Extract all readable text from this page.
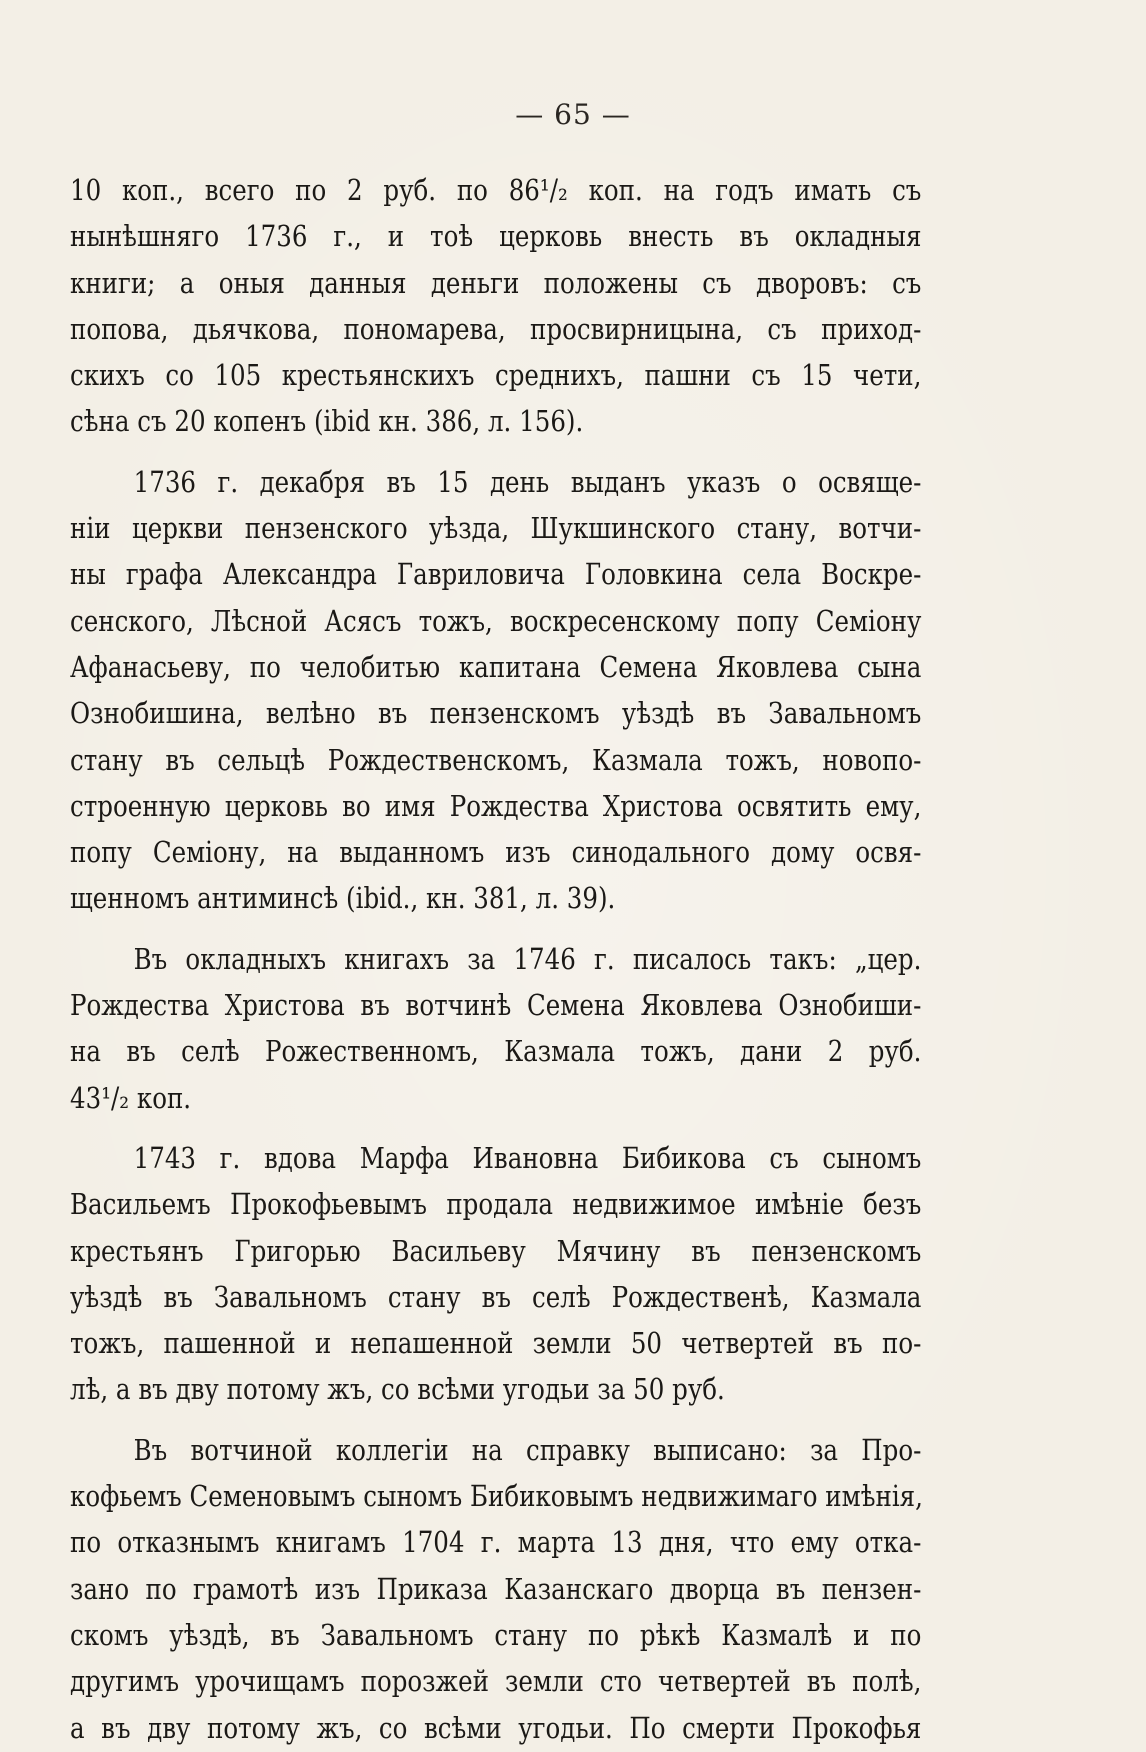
— 65 —
10 коп., всего по 2 руб. по 86¹/₂ коп. на годъ имать съ
нынѣшняго 1736 г., и тоѣ церковь внесть въ окладныя
книги; а оныя данныя деньги положены съ дворовъ: съ
попова, дьячкова, пономарева, просвирницына, съ приход-
скихъ со 105 крестьянскихъ среднихъ, пашни съ 15 чети,
сѣна съ 20 копенъ (ibid кн. 386, л. 156).
1736 г. декабря въ 15 день выданъ указъ о освяще-
ніи церкви пензенского уѣзда, Шукшинского стану, вотчи-
ны графа Александра Гавриловича Головкина села Воскре-
сенского, Лѣсной Асясъ тожъ, воскресенскому попу Семіону
Афанасьеву, по челобитью капитана Семена Яковлева сына
Ознобишина, велѣно въ пензенскомъ уѣздѣ въ Завальномъ
стану въ сельцѣ Рождественскомъ, Казмала тожъ, новопо-
строенную церковь во имя Рождества Христова освятить ему,
попу Семіону, на выданномъ изъ синодального дому освя-
щенномъ антиминсѣ (ibid., кн. 381, л. 39).
Въ окладныхъ книгахъ за 1746 г. писалось такъ: „цер.
Рождества Христова въ вотчинѣ Семена Яковлева Ознобиши-
на въ селѣ Рожественномъ, Казмала тожъ, дани 2 руб.
43¹/₂ коп.
1743 г. вдова Марфа Ивановна Бибикова съ сыномъ
Васильемъ Прокофьевымъ продала недвижимое имѣніе безъ
крестьянъ Григорью Васильеву Мячину въ пензенскомъ
уѣздѣ въ Завальномъ стану въ селѣ Рождественѣ, Казмала
тожъ, пашенной и непашенной земли 50 четвертей въ по-
лѣ, а въ дву потому жъ, со всѣми угодьи за 50 руб.
Въ вотчиной коллегіи на справку выписано: за Про-
кофьемъ Семеновымъ сыномъ Бибиковымъ недвижимаго имѣнія,
по отказнымъ книгамъ 1704 г. марта 13 дня, что ему отка-
зано по грамотѣ изъ Приказа Казанскаго дворца въ пензен-
скомъ уѣздѣ, въ Завальномъ стану по рѣкѣ Казмалѣ и по
другимъ урочищамъ порозжей земли сто четвертей въ полѣ,
а въ дву потому жъ, со всѣми угодьи. По смерти Прокофья
